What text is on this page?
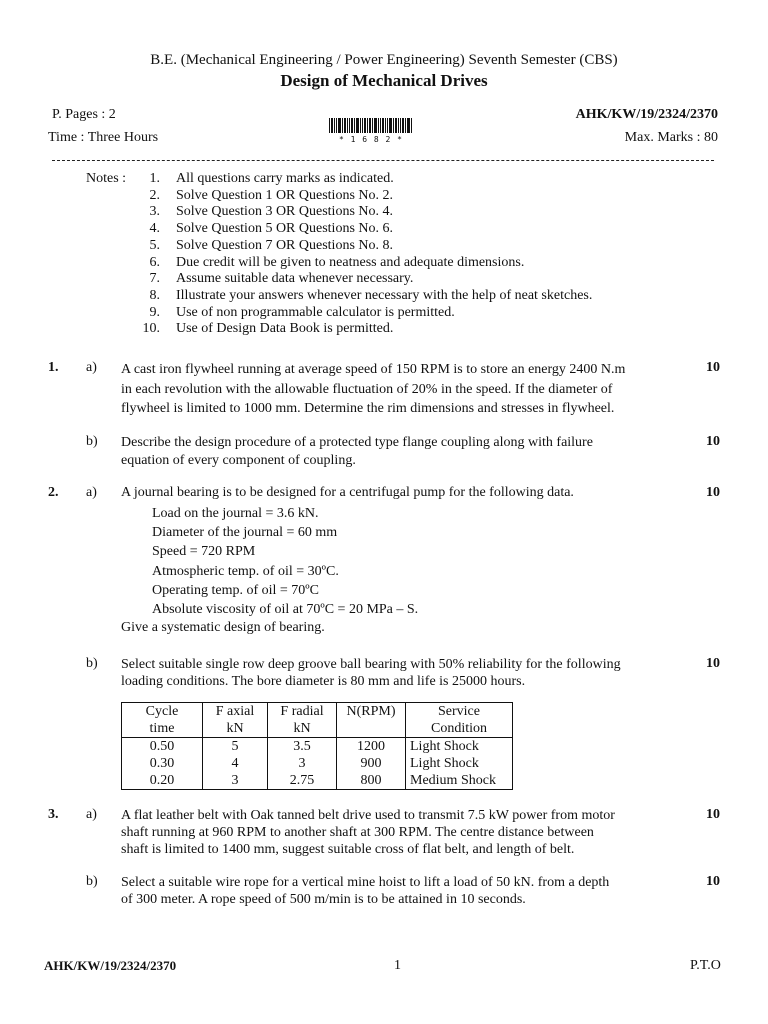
B.E. (Mechanical Engineering / Power Engineering) Seventh Semester (CBS)
Design of Mechanical Drives
P. Pages : 2	AHK/KW/19/2324/2370
Time : Three Hours	Max. Marks : 80
* 1 6 8 2 *
Notes :	1. All questions carry marks as indicated.
2. Solve Question 1 OR Questions No. 2.
3. Solve Question 3 OR Questions No. 4.
4. Solve Question 5 OR Questions No. 6.
5. Solve Question 7 OR Questions No. 8.
6. Due credit will be given to neatness and adequate dimensions.
7. Assume suitable data whenever necessary.
8. Illustrate your answers whenever necessary with the help of neat sketches.
9. Use of non programmable calculator is permitted.
10. Use of Design Data Book is permitted.
1. a) A cast iron flywheel running at average speed of 150 RPM is to store an energy 2400 N.m
in each revolution with the allowable fluctuation of 20% in the speed. If the diameter of
flywheel is limited to 1000 mm. Determine the rim dimensions and stresses in flywheel.
10
b) Describe the design procedure of a protected type flange coupling along with failure
equation of every component of coupling.
10
2. a) A journal bearing is to be designed for a centrifugal pump for the following data.	10
Load on the journal = 3.6 kN.
Diameter of the journal = 60 mm
Speed = 720 RPM
Atmospheric temp. of oil = 30ºC.
Operating temp. of oil = 70ºC
Absolute viscosity of oil at 70ºC = 20 MPa – S.
Give a systematic design of bearing.
b) Select suitable single row deep groove ball bearing with 50% reliability for the following
loading conditions. The bore diameter is 80 mm and life is 25000 hours.
10
Cycle	F axial	F radial	N(RPM)	Service
time	kN	kN		Condition
0.50	5	3.5	1200	Light Shock
0.30	4	3	900	Light Shock
0.20	3	2.75	800	Medium Shock
3. a) A flat leather belt with Oak tanned belt drive used to transmit 7.5 kW power from motor
shaft running at 960 RPM to another shaft at 300 RPM. The centre distance between
shaft is limited to 1400 mm, suggest suitable cross of flat belt, and length of belt.
10
b) Select a suitable wire rope for a vertical mine hoist to lift a load of 50 kN. from a depth
of 300 meter. A rope speed of 500 m/min is to be attained in 10 seconds.
10
AHK/KW/19/2324/2370	1	P.T.O
